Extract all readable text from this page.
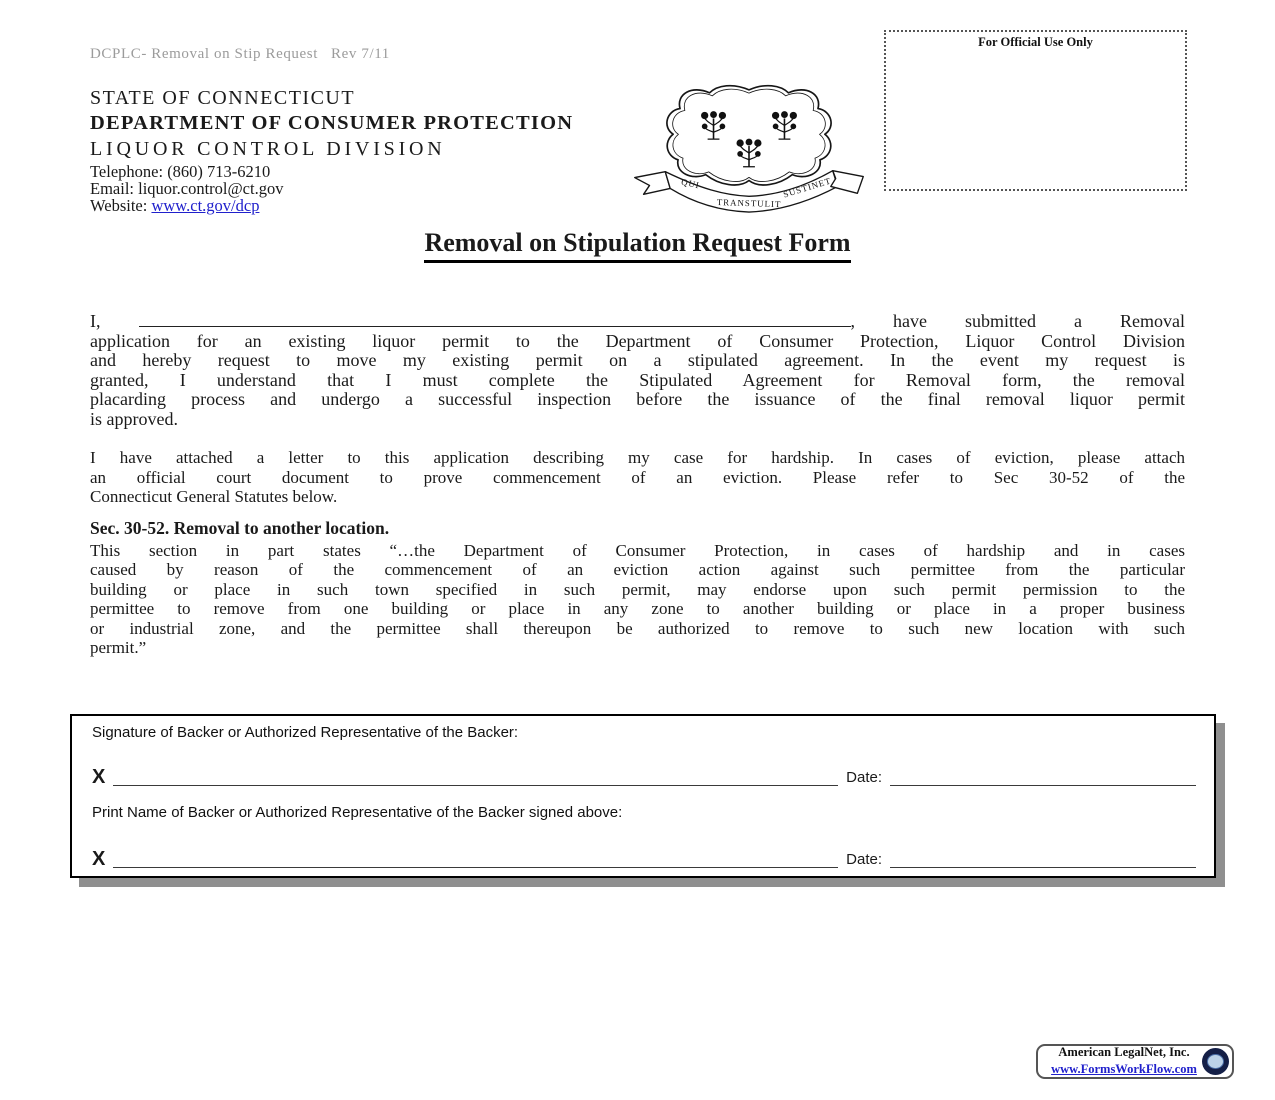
DCPLC- Removal on Stip Request   Rev 7/11
For Official Use Only
STATE OF CONNECTICUT
DEPARTMENT OF CONSUMER PROTECTION
LIQUOR CONTROL DIVISION
Telephone: (860) 713-6210
Email: liquor.control@ct.gov
Website: www.ct.gov/dcp
QUI
TRANSTULIT
SUSTINET
Removal on Stipulation Request Form
I,	, have submitted a Removal
application for an existing liquor permit to the Department of Consumer Protection, Liquor Control Division
and hereby request to move my existing permit on a stipulated agreement. In the event my request is
granted, I understand that I must complete the Stipulated Agreement for Removal form, the removal
placarding process and undergo a successful inspection before the issuance of the final removal liquor permit
is approved.
I have attached a letter to this application describing my case for hardship. In cases of eviction, please attach
an official court document to prove commencement of an eviction. Please refer to Sec 30-52 of the
Connecticut General Statutes below.
Sec. 30-52. Removal to another location.
This section in part states “…the Department of Consumer Protection, in cases of hardship and in cases
caused by reason of the commencement of an eviction action against such permittee from the particular
building or place in such town specified in such permit, may endorse upon such permit permission to the
permittee to remove from one building or place in any zone to another building or place in a proper business
or industrial zone, and the permittee shall thereupon be authorized to remove to such new location with such
permit.”
Signature of Backer or Authorized Representative of the Backer:
X	Date:
Print Name of Backer or Authorized Representative of the Backer signed above:
X	Date:
American LegalNet, Inc.
www.FormsWorkFlow.com
